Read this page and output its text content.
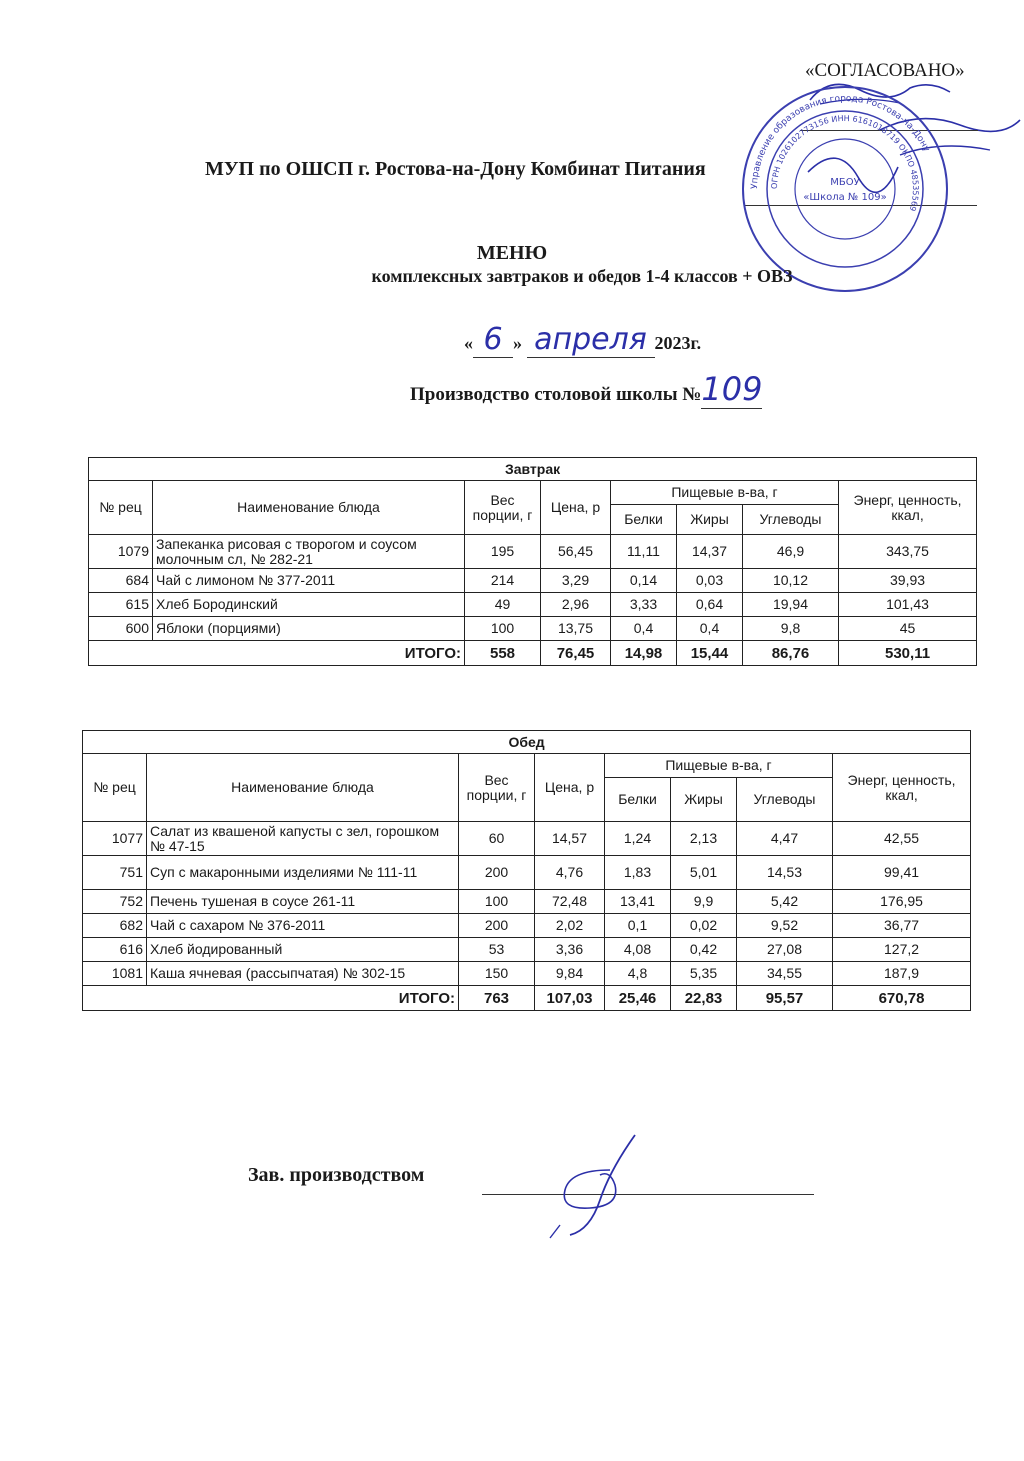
«СОГЛАСОВАНО»
МУП по ОШСП г. Ростова-на-Дону Комбинат Питания
Управление образования города Ростова-на-Дону
ОГРН 1026102773156 ИНН 6161018719 ОКПО 48535569
МБОУ
«Школа № 109»
МЕНЮ
комплексных завтраков и обедов 1-4 классов + ОВЗ
« 6 » апреля 2023г.
Производство столовой школы №109
Завтрак							
№ рец	Наименование блюда	Вес порции, г	Цена, р	Пищевые в-ва, г			Энерг, ценность, ккал,
				Белки	Жиры	Углеводы	
1079	Запеканка рисовая с творогом и соусом молочным сл, № 282-21	195	56,45	11,11	14,37	46,9	343,75
684	Чай с лимоном № 377-2011	214	3,29	0,14	0,03	10,12	39,93
615	Хлеб Бородинский	49	2,96	3,33	0,64	19,94	101,43
600	Яблоки (порциями)	100	13,75	0,4	0,4	9,8	45
ИТОГО:		558	76,45	14,98	15,44	86,76	530,11
Обед							
№ рец	Наименование блюда	Вес порции, г	Цена, р	Пищевые в-ва, г			Энерг, ценность, ккал,
				Белки	Жиры	Углеводы	
1077	Салат из квашеной капусты с зел, горошком № 47-15	60	14,57	1,24	2,13	4,47	42,55
751	Суп с макаронными изделиями № 111-11	200	4,76	1,83	5,01	14,53	99,41
752	Печень тушеная в соусе 261-11	100	72,48	13,41	9,9	5,42	176,95
682	Чай с сахаром № 376-2011	200	2,02	0,1	0,02	9,52	36,77
616	Хлеб йодированный	53	3,36	4,08	0,42	27,08	127,2
1081	Каша ячневая (рассыпчатая) № 302-15	150	9,84	4,8	5,35	34,55	187,9
ИТОГО:		763	107,03	25,46	22,83	95,57	670,78
Зав. производством
